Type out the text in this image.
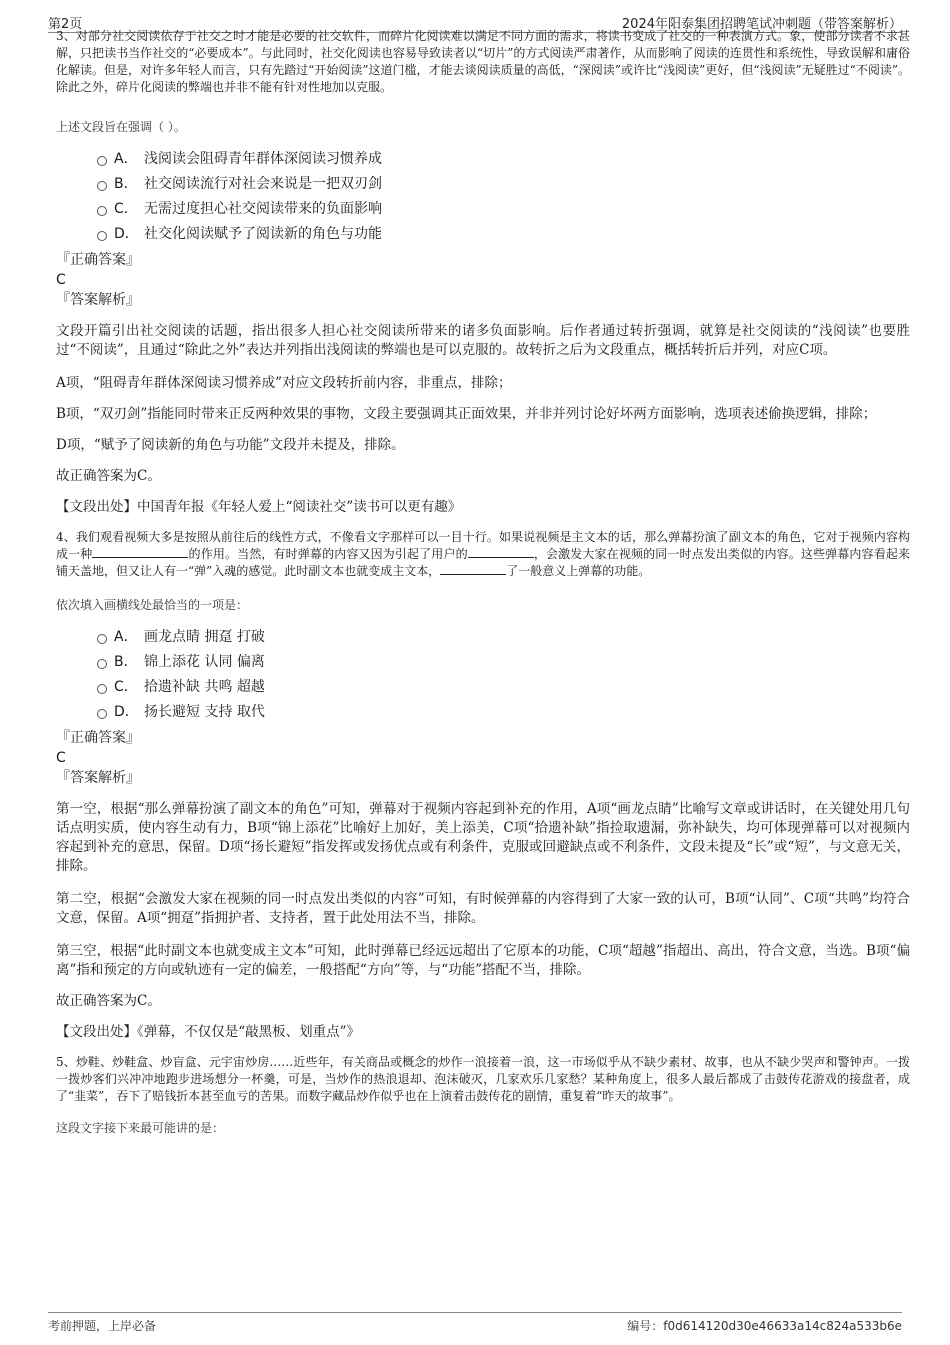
第2页	2024年阳泰集团招聘笔试冲刺题（带答案解析）

3、对部分社交阅读依存于社交之时才能是必要的社交软件，而碎片化阅读难以满足不同方面的需求，将读书变成了社交的一种表演方式。象，使部分读者不求甚解，只把读书当作社交的“必要成本”。与此同时，社交化阅读也容易导致读者以“切片”的方式阅读严肃著作，从而影响了阅读的连贯性和系统性，导致误解和庸俗化解读。但是，对许多年轻人而言，只有先踏过“开始阅读”这道门槛，才能去谈阅读质量的高低，“深阅读”或许比“浅阅读”更好，但“浅阅读”无疑胜过“不阅读”。除此之外，碎片化阅读的弊端也并非不能有针对性地加以克服。

上述文段旨在强调（ ）。

A． 浅阅读会阻碍青年群体深阅读习惯养成
B． 社交阅读流行对社会来说是一把双刃剑
C． 无需过度担心社交阅读带来的负面影响
D． 社交化阅读赋予了阅读新的角色与功能

『正确答案』

C

『答案解析』

文段开篇引出社交阅读的话题，指出很多人担心社交阅读所带来的诸多负面影响。后作者通过转折强调，就算是社交阅读的“浅阅读”也要胜过“不阅读”，且通过“除此之外”表达并列指出浅阅读的弊端也是可以克服的。故转折之后为文段重点，概括转折后并列，对应C项。

A项，“阻碍青年群体深阅读习惯养成”对应文段转折前内容，非重点，排除；

B项，“双刃剑”指能同时带来正反两种效果的事物，文段主要强调其正面效果，并非并列讨论好坏两方面影响，选项表述偷换逻辑，排除；

D项，“赋予了阅读新的角色与功能”文段并未提及，排除。

故正确答案为C。

【文段出处】中国青年报《年轻人爱上“阅读社交”读书可以更有趣》

4、我们观看视频大多是按照从前往后的线性方式，不像看文字那样可以一目十行。如果说视频是主文本的话，那么弹幕扮演了副文本的角色，它对于视频内容构成一种	的作用。当然，有时弹幕的内容又因为引起了用户的	，会激发大家在视频的同一时点发出类似的内容。这些弹幕内容看起来铺天盖地，但又让人有一“弹”入魂的感觉。此时副文本也就变成主文本，	了一般意义上弹幕的功能。

依次填入画横线处最恰当的一项是：

A． 画龙点睛 拥趸 打破
B． 锦上添花 认同 偏离
C． 拾遗补缺 共鸣 超越
D． 扬长避短 支持 取代

『正确答案』

C

『答案解析』

第一空，根据“那么弹幕扮演了副文本的角色”可知，弹幕对于视频内容起到补充的作用，A项“画龙点睛”比喻写文章或讲话时，在关键处用几句话点明实质，使内容生动有力，B项“锦上添花”比喻好上加好，美上添美，C项“拾遗补缺”指捡取遗漏，弥补缺失，均可体现弹幕可以对视频内容起到补充的意思，保留。D项“扬长避短”指发挥或发扬优点或有利条件，克服或回避缺点或不利条件，文段未提及“长”或“短”，与文意无关，排除。

第二空，根据“会激发大家在视频的同一时点发出类似的内容”可知，有时候弹幕的内容得到了大家一致的认可，B项“认同”、C项“共鸣”均符合文意，保留。A项“拥趸”指拥护者、支持者，置于此处用法不当，排除。

第三空，根据“此时副文本也就变成主文本”可知，此时弹幕已经远远超出了它原本的功能，C项“超越”指超出、高出，符合文意，当选。B项“偏离”指和预定的方向或轨迹有一定的偏差，一般搭配“方向”等，与“功能”搭配不当，排除。

故正确答案为C。

【文段出处】《弹幕，不仅仅是“敲黑板、划重点”》

5、炒鞋、炒鞋盒、炒盲盒、元宇宙炒房……近些年，有关商品或概念的炒作一浪接着一浪，这一市场似乎从不缺少素材、故事，也从不缺少哭声和警钟声。一拨一拨炒客们兴冲冲地跑步进场想分一杯羹，可是，当炒作的热浪退却、泡沫破灭，几家欢乐几家愁？某种角度上，很多人最后都成了击鼓传花游戏的接盘者，成了“韭菜”，吞下了赔钱折本甚至血亏的苦果。而数字藏品炒作似乎也在上演着击鼓传花的剧情，重复着“昨天的故事”。

这段文字接下来最可能讲的是：

考前押题，上岸必备	编号：f0d614120d30e46633a14c824a533b6e
